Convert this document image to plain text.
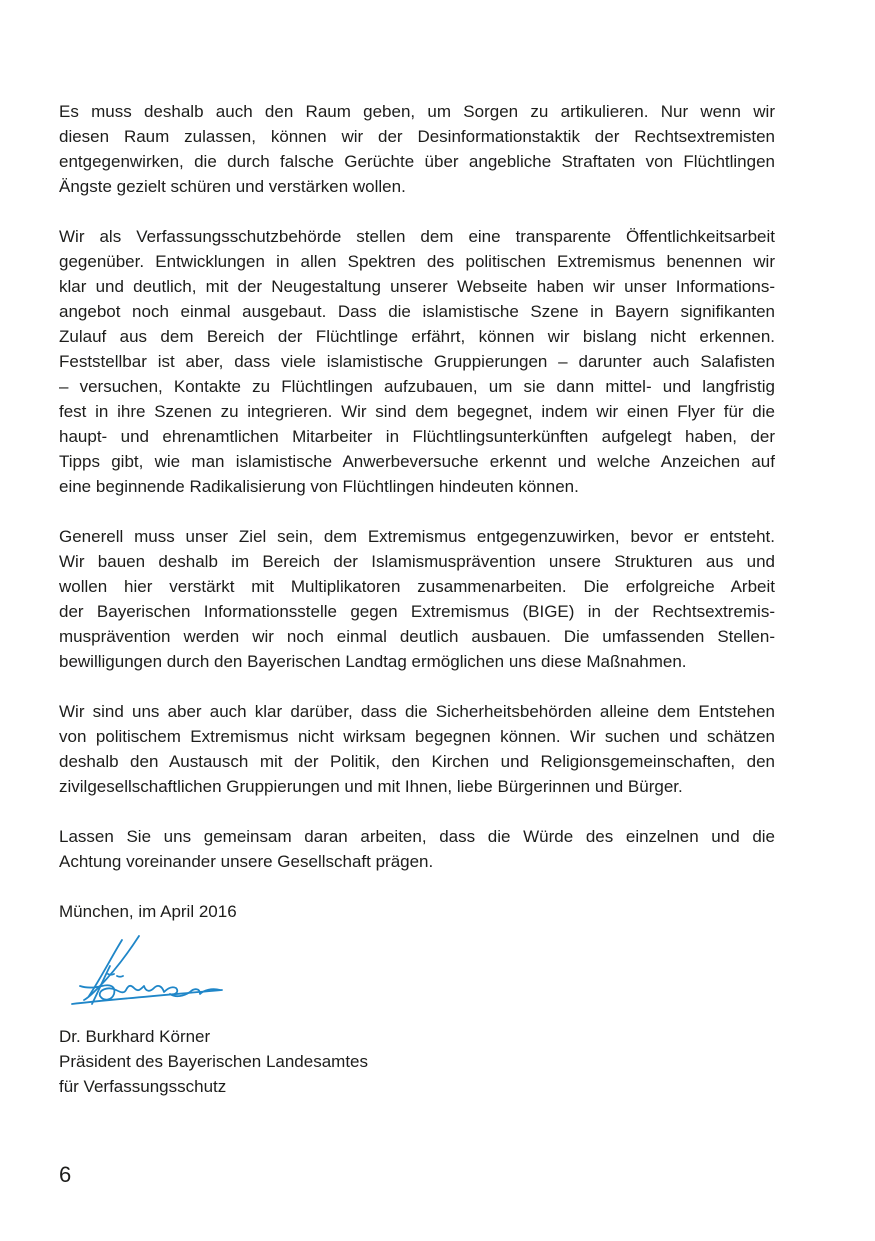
Es muss deshalb auch den Raum geben, um Sorgen zu artikulieren. Nur wenn wir
diesen Raum zulassen, können wir der Desinformationstaktik der Rechtsextremisten
entgegenwirken, die durch falsche Gerüchte über angebliche Straftaten von Flüchtlingen
Ängste gezielt schüren und verstärken wollen.
Wir als Verfassungsschutzbehörde stellen dem eine transparente Öffentlichkeitsarbeit
gegenüber. Entwicklungen in allen Spektren des politischen Extremismus benennen wir
klar und deutlich, mit der Neugestaltung unserer Webseite haben wir unser Informations-
angebot noch einmal ausgebaut. Dass die islamistische Szene in Bayern signifikanten
Zulauf aus dem Bereich der Flüchtlinge erfährt, können wir bislang nicht erkennen.
Feststellbar ist aber, dass viele islamistische Gruppierungen – darunter auch Salafisten
– versuchen, Kontakte zu Flüchtlingen aufzubauen, um sie dann mittel- und langfristig
fest in ihre Szenen zu integrieren. Wir sind dem begegnet, indem wir einen Flyer für die
haupt- und ehrenamtlichen Mitarbeiter in Flüchtlingsunterkünften aufgelegt haben, der
Tipps gibt, wie man islamistische Anwerbeversuche erkennt und welche Anzeichen auf
eine beginnende Radikalisierung von Flüchtlingen hindeuten können.
Generell muss unser Ziel sein, dem Extremismus entgegenzuwirken, bevor er entsteht.
Wir bauen deshalb im Bereich der Islamismusprävention unsere Strukturen aus und
wollen hier verstärkt mit Multiplikatoren zusammenarbeiten. Die erfolgreiche Arbeit
der Bayerischen Informationsstelle gegen Extremismus (BIGE) in der Rechtsextremis-
musprävention werden wir noch einmal deutlich ausbauen. Die umfassenden Stellen-
bewilligungen durch den Bayerischen Landtag ermöglichen uns diese Maßnahmen.
Wir sind uns aber auch klar darüber, dass die Sicherheitsbehörden alleine dem Entstehen
von politischem Extremismus nicht wirksam begegnen können. Wir suchen und schätzen
deshalb den Austausch mit der Politik, den Kirchen und Religionsgemeinschaften, den
zivilgesellschaftlichen Gruppierungen und mit Ihnen, liebe Bürgerinnen und Bürger.
Lassen Sie uns gemeinsam daran arbeiten, dass die Würde des einzelnen und die
Achtung voreinander unsere Gesellschaft prägen.
München, im April 2016
Dr. Burkhard Körner
Präsident des Bayerischen Landesamtes
für Verfassungsschutz
6
